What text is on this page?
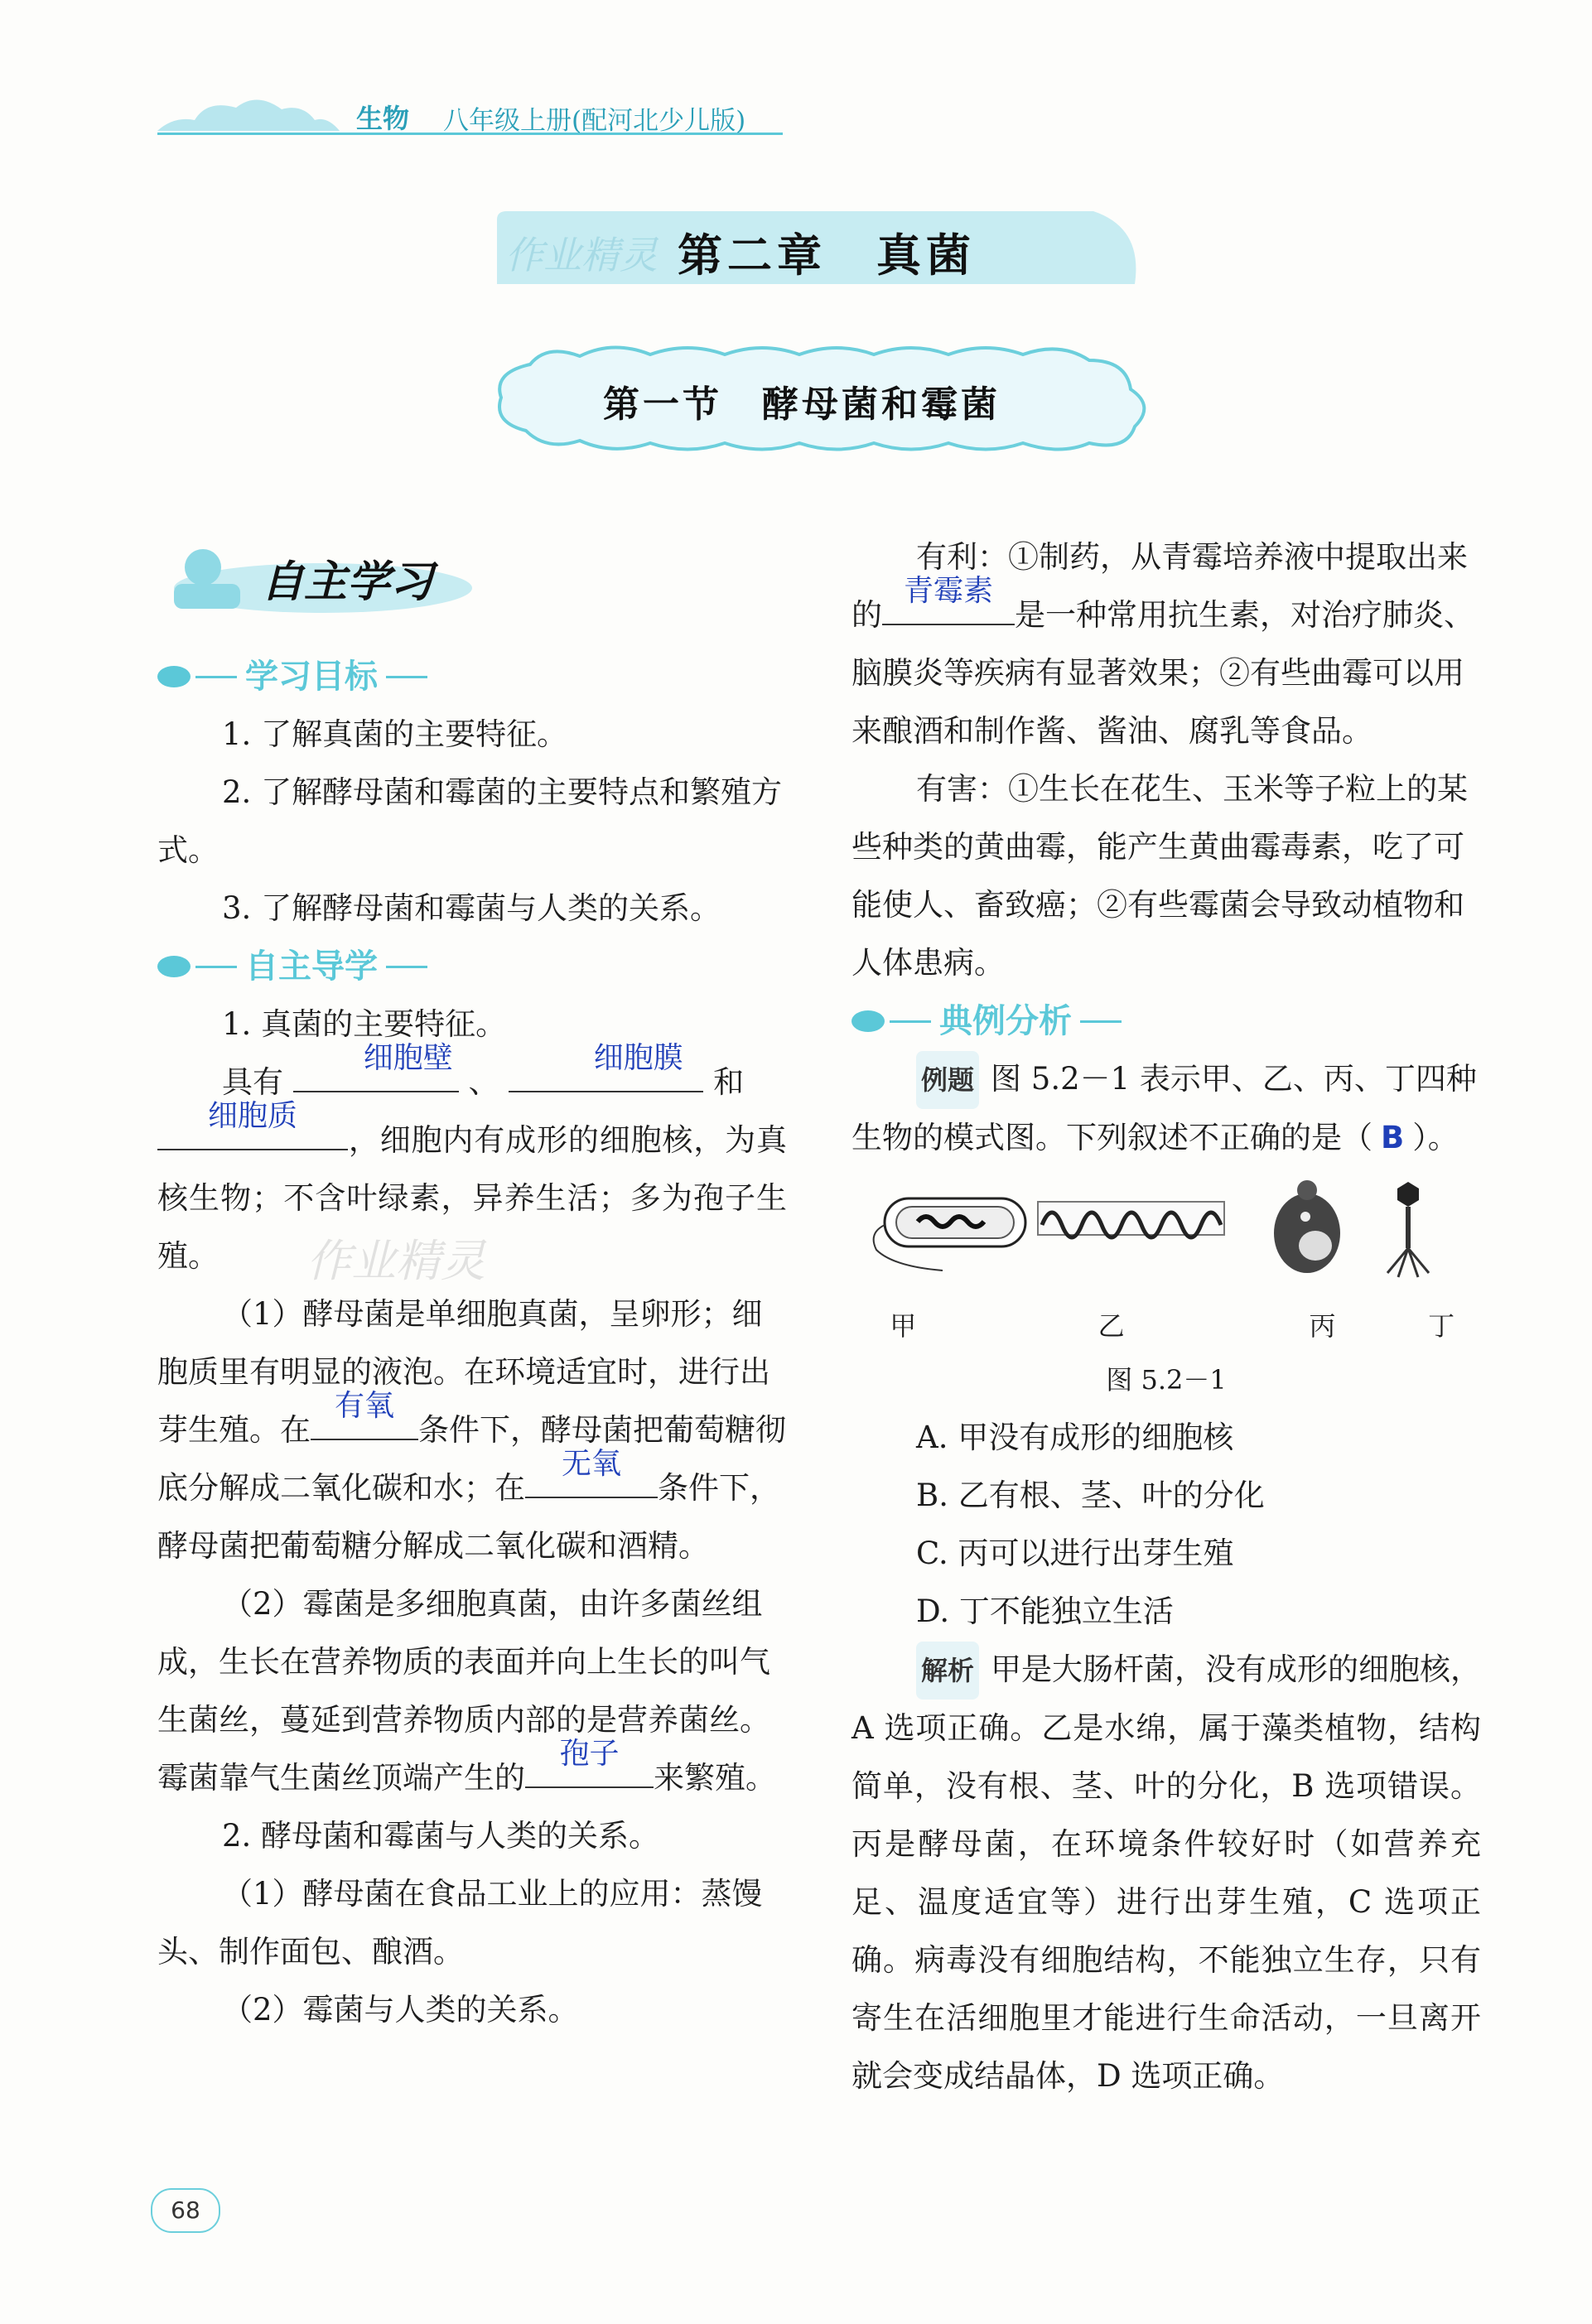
生物 八年级上册(配河北少儿版)
作业精灵 第二章　真菌
第一节　酵母菌和霉菌
自主学习
学习目标

1. 了解真菌的主要特征。

2. 了解酵母菌和霉菌的主要特点和繁殖方式。

3. 了解酵母菌和霉菌与人类的关系。

自主导学

1. 真菌的主要特征。

具有
细胞壁
、
细胞膜
和

细胞质
，细胞内有成形的细胞核，为真核生物；不含叶绿素，异养生活；多为孢子生殖。

（1）酵母菌是单细胞真菌，呈卵形；细胞质里有明显的液泡。在环境适宜时，进行出芽生殖。在
有氧
条件下，酵母菌把葡萄糖彻底分解成二氧化碳和水；在
无氧
条件下，酵母菌把葡萄糖分解成二氧化碳和酒精。

（2）霉菌是多细胞真菌，由许多菌丝组成，生长在营养物质的表面并向上生长的叫气生菌丝，蔓延到营养物质内部的是营养菌丝。霉菌靠气生菌丝顶端产生的
孢子
来繁殖。

2. 酵母菌和霉菌与人类的关系。

（1）酵母菌在食品工业上的应用：蒸馒头、制作面包、酿酒。

（2）霉菌与人类的关系。

作业精灵

有利：①制药，从青霉培养液中提取出来的
青霉素
是一种常用抗生素，对治疗肺炎、脑膜炎等疾病有显著效果；②有些曲霉可以用来酿酒和制作酱、酱油、腐乳等食品。

有害：①生长在花生、玉米等子粒上的某些种类的黄曲霉，能产生黄曲霉毒素，吃了可能使人、畜致癌；②有些霉菌会导致动植物和人体患病。

典例分析

例题 图 5.2－1 表示甲、乙、丙、丁四种生物的模式图。下列叙述不正确的是（ B ）。

甲	乙	丙	丁
图 5.2－1

A. 甲没有成形的细胞核

B. 乙有根、茎、叶的分化

C. 丙可以进行出芽生殖

D. 丁不能独立生活

解析 甲是大肠杆菌，没有成形的细胞核，A 选项正确。乙是水绵，属于藻类植物，结构简单，没有根、茎、叶的分化，B 选项错误。丙是酵母菌，在环境条件较好时（如营养充足、温度适宜等）进行出芽生殖，C 选项正确。病毒没有细胞结构，不能独立生存，只有寄生在活细胞里才能进行生命活动，一旦离开就会变成结晶体，D 选项正确。

68
